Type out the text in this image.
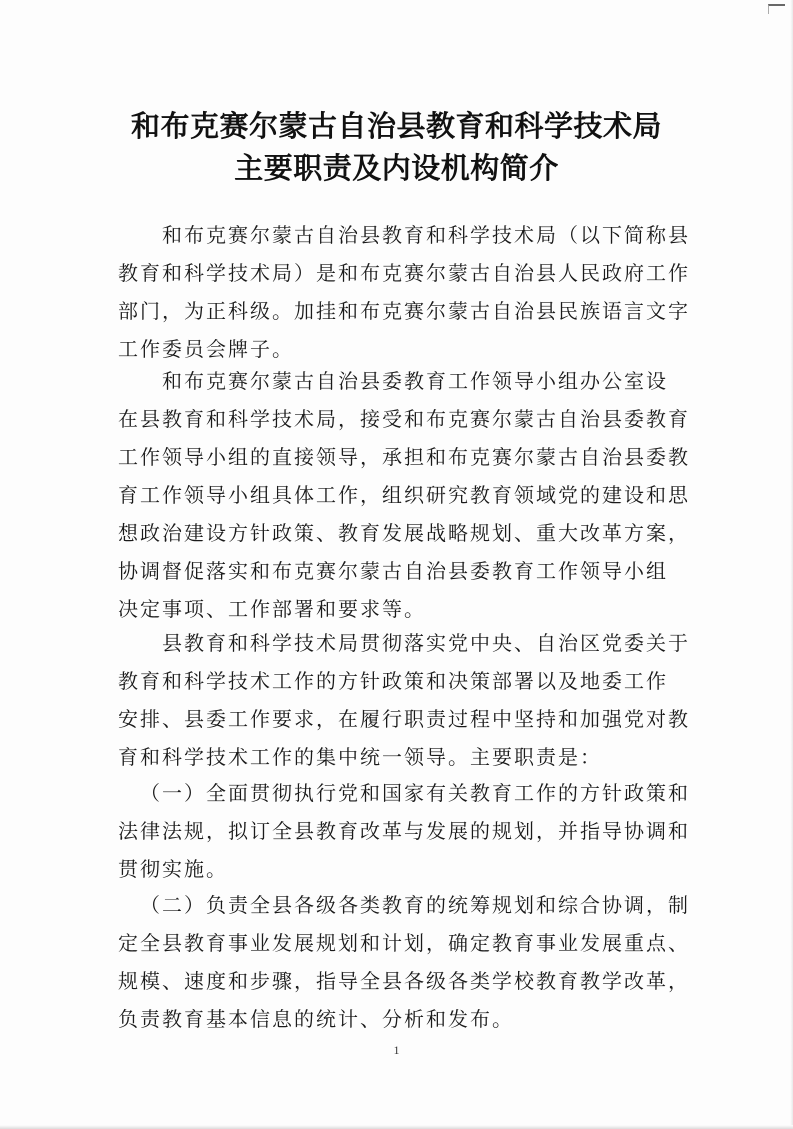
和布克赛尔蒙古自治县教育和科学技术局
主要职责及内设机构简介
和布克赛尔蒙古自治县教育和科学技术局（以下简称县
教育和科学技术局）是和布克赛尔蒙古自治县人民政府工作
部门，为正科级。加挂和布克赛尔蒙古自治县民族语言文字
工作委员会牌子。
和布克赛尔蒙古自治县委教育工作领导小组办公室设
在县教育和科学技术局，接受和布克赛尔蒙古自治县委教育
工作领导小组的直接领导，承担和布克赛尔蒙古自治县委教
育工作领导小组具体工作，组织研究教育领域党的建设和思
想政治建设方针政策、教育发展战略规划、重大改革方案，
协调督促落实和布克赛尔蒙古自治县委教育工作领导小组
决定事项、工作部署和要求等。
县教育和科学技术局贯彻落实党中央、自治区党委关于
教育和科学技术工作的方针政策和决策部署以及地委工作
安排、县委工作要求，在履行职责过程中坚持和加强党对教
育和科学技术工作的集中统一领导。主要职责是：
（一）全面贯彻执行党和国家有关教育工作的方针政策和
法律法规，拟订全县教育改革与发展的规划，并指导协调和
贯彻实施。
（二）负责全县各级各类教育的统筹规划和综合协调，制
定全县教育事业发展规划和计划，确定教育事业发展重点、
规模、速度和步骤，指导全县各级各类学校教育教学改革，
负责教育基本信息的统计、分析和发布。
1
